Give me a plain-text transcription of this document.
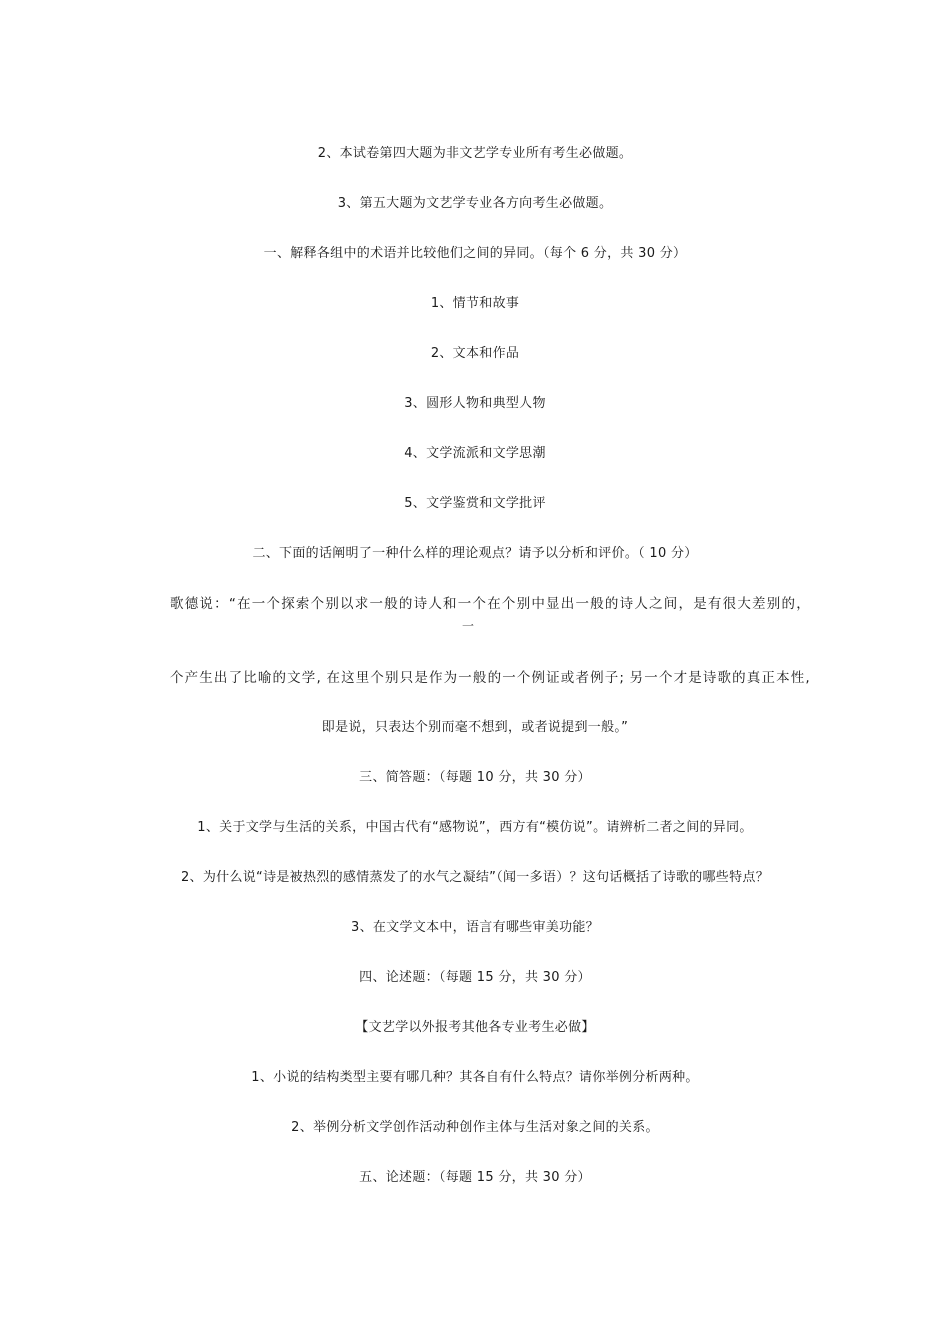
2、本试卷第四大题为非文艺学专业所有考生必做题。
3、第五大题为文艺学专业各方向考生必做题。
一、解释各组中的术语并比较他们之间的异同。（每个 6 分，共 30 分）
1、情节和故事
2、文本和作品
3、圆形人物和典型人物
4、文学流派和文学思潮
5、文学鉴赏和文学批评
二、下面的话阐明了一种什么样的理论观点？请予以分析和评价。（ 10 分）
歌德说：“在一个探索个别以求一般的诗人和一个在个别中显出一般的诗人之间，是有很大差别的，
一
个产生出了比喻的文学, 在这里个别只是作为一般的一个例证或者例子; 另一个才是诗歌的真正本性,
即是说，只表达个别而毫不想到，或者说提到一般。”
三、简答题：（每题 10 分，共 30 分）
1、关于文学与生活的关系，中国古代有“感物说”，西方有“模仿说”。请辨析二者之间的异同。
2、为什么说“诗是被热烈的感情蒸发了的水气之凝结”（闻一多语）？这句话概括了诗歌的哪些特点？
3、在文学文本中，语言有哪些审美功能？
四、论述题：（每题 15 分，共 30 分）
【文艺学以外报考其他各专业考生必做】
1、小说的结构类型主要有哪几种？其各自有什么特点？请你举例分析两种。
2、举例分析文学创作活动种创作主体与生活对象之间的关系。
五、论述题：（每题 15 分，共 30 分）
